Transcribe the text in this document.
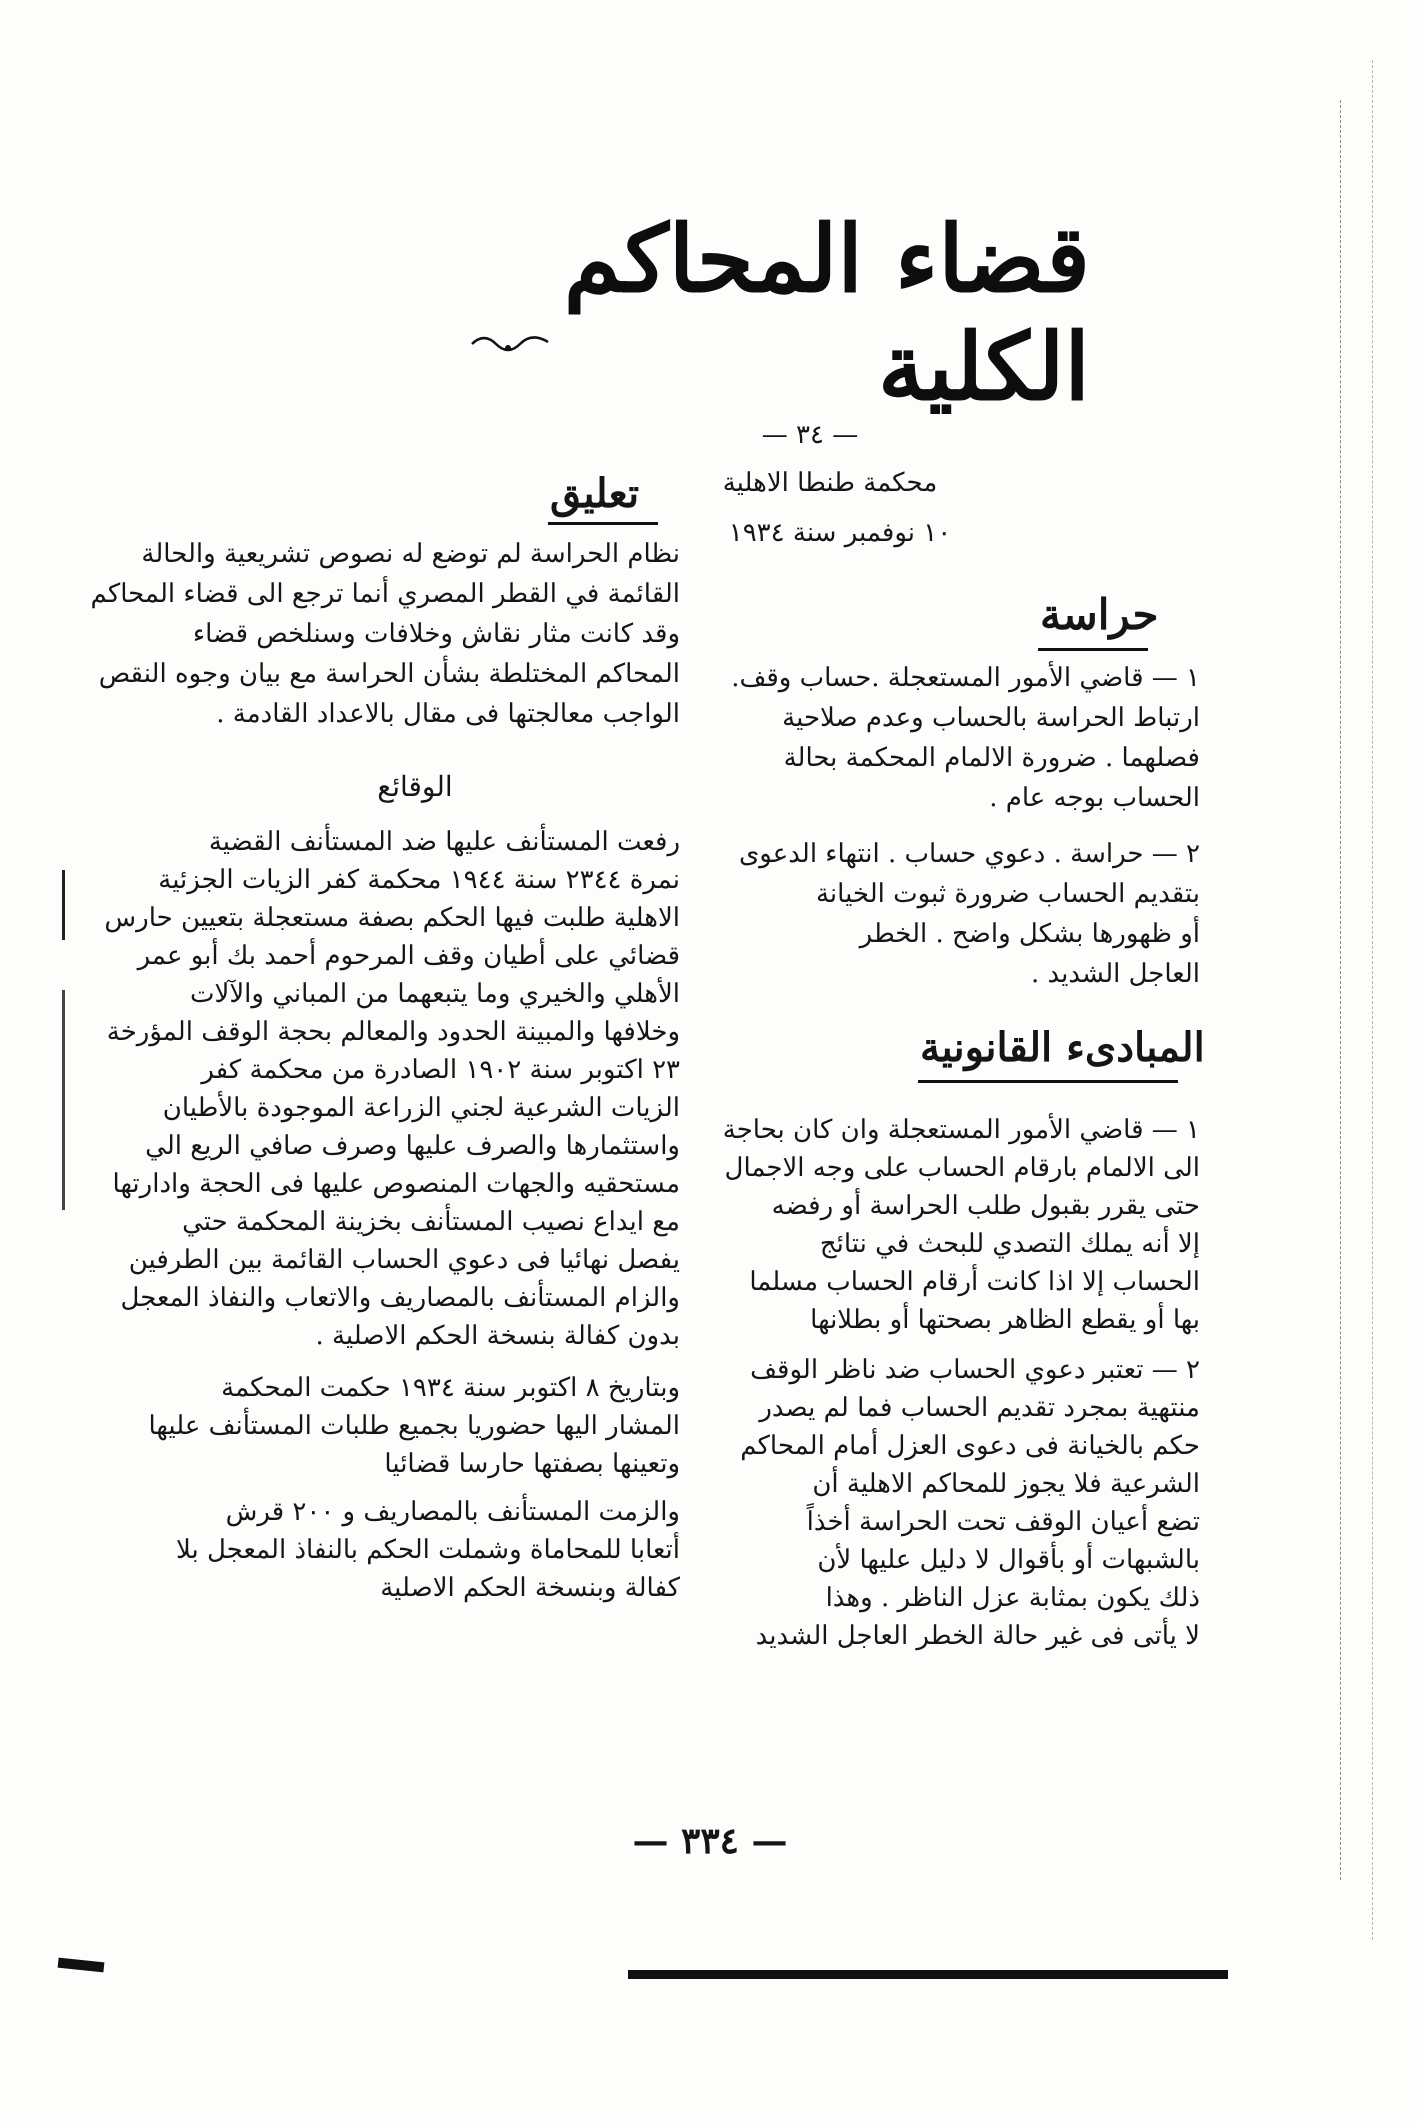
قضاء المحاكم الكلية
— ٣٤ —
محكمة طنطا الاهلية
١٠ نوفمبر سنة ١٩٣٤
حراسة
١ — قاضي الأمور المستعجلة .حساب وقف.
ارتباط الحراسة بالحساب وعدم صلاحية
فصلهما . ضرورة الالمام المحكمة بحالة
الحساب بوجه عام .
٢ — حراسة . دعوي حساب . انتهاء الدعوى
بتقديم الحساب ضرورة ثبوت الخيانة
أو ظهورها بشكل واضح . الخطر
العاجل الشديد .
المبادىء القانونية
١ — قاضي الأمور المستعجلة وان كان بحاجة
الى الالمام بارقام الحساب على وجه الاجمال
حتى يقرر بقبول طلب الحراسة أو رفضه
إلا أنه يملك التصدي للبحث في نتائج
الحساب إلا اذا كانت أرقام الحساب مسلما
بها أو يقطع الظاهر بصحتها أو بطلانها
٢ — تعتبر دعوي الحساب ضد ناظر الوقف
منتهية بمجرد تقديم الحساب فما لم يصدر
حكم بالخيانة فى دعوى العزل أمام المحاكم
الشرعية فلا يجوز للمحاكم الاهلية أن
تضع أعيان الوقف تحت الحراسة أخذاً
بالشبهات أو بأقوال لا دليل عليها لأن
ذلك يكون بمثابة عزل الناظر . وهذا
لا يأتى فى غير حالة الخطر العاجل الشديد
تعليق
نظام الحراسة لم توضع له نصوص تشريعية والحالة
القائمة في القطر المصري أنما ترجع الى قضاء المحاكم
وقد كانت مثار نقاش وخلافات وسنلخص قضاء
المحاكم المختلطة بشأن الحراسة مع بيان وجوه النقص
الواجب معالجتها فى مقال بالاعداد القادمة .
الوقائع
رفعت المستأنف عليها ضد المستأنف القضية
نمرة ٢٣٤٤ سنة ١٩٤٤ محكمة كفر الزيات الجزئية
الاهلية طلبت فيها الحكم بصفة مستعجلة بتعيين حارس
قضائي على أطيان وقف المرحوم أحمد بك أبو عمر
الأهلي والخيري وما يتبعهما من المباني والآلات
وخلافها والمبينة الحدود والمعالم بحجة الوقف المؤرخة
٢٣ اكتوبر سنة ١٩٠٢ الصادرة من محكمة كفر
الزيات الشرعية لجني الزراعة الموجودة بالأطيان
واستثمارها والصرف عليها وصرف صافي الريع الي
مستحقيه والجهات المنصوص عليها فى الحجة وادارتها
مع ايداع نصيب المستأنف بخزينة المحكمة حتي
يفصل نهائيا فى دعوي الحساب القائمة بين الطرفين
والزام المستأنف بالمصاريف والاتعاب والنفاذ المعجل
بدون كفالة بنسخة الحكم الاصلية .
وبتاريخ ٨ اكتوبر سنة ١٩٣٤ حكمت المحكمة
المشار اليها حضوريا بجميع طلبات المستأنف عليها
وتعينها بصفتها حارسا قضائيا
والزمت المستأنف بالمصاريف و ٢٠٠ قرش
أتعابا للمحاماة وشملت الحكم بالنفاذ المعجل بلا
كفالة وبنسخة الحكم الاصلية
— ٣٣٤ —
